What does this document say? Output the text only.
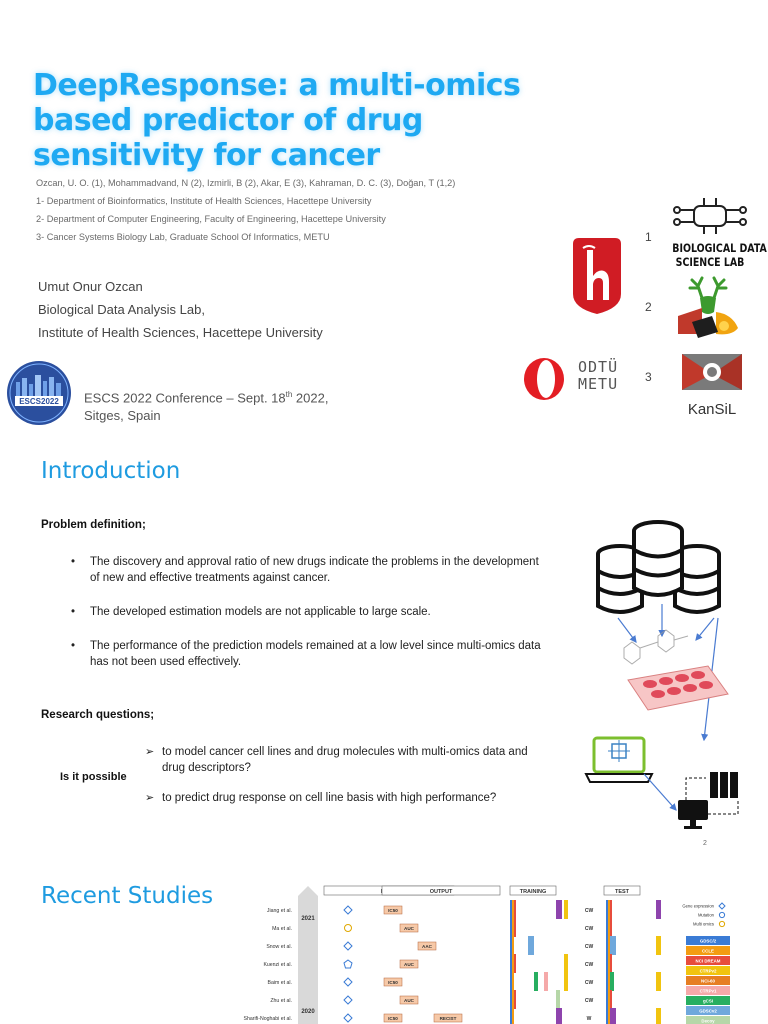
DeepResponse: a multi-omics based predictor of drug sensitivity for cancer
Ozcan, U. O. (1), Mohammadvand, N (2), Izmirli, B (2), Akar, E (3), Kahraman, D. C. (3), Doğan, T (1,2)
1- Department of Bioinformatics, Institute of Health Sciences, Hacettepe University
2- Department of Computer Engineering, Faculty of Engineering, Hacettepe University
3- Cancer Systems Biology Lab, Graduate School Of Informatics, METU
Umut Onur Ozcan
Biological Data Analysis Lab,
Institute of Health Sciences, Hacettepe University
ESCS2022 ESCS 2022 Conference – Sept. 18th 2022,
Sitges, Spain
BIOLOGICAL DATA
SCIENCE LAB
ODTÜ
METU
KanSiL
1
2
3
Introduction
Problem definition;
• The discovery and approval ratio of new drugs indicate the problems in the development of new and effective treatments against cancer.
• The developed estimation models are not applicable to large scale.
• The performance of the prediction models remained at a low level since multi-omics data has not been used effectively.
Research questions;
Is it possible
➢ to model cancer cell lines and drug molecules with multi-omics data and drug descriptors?
➢ to predict drug response on cell line basis with high performance?
2
Recent Studies	OUTPUT	TRAINING	TEST
2021
2020
Jiang et al.	IC50	CW
Ma et al.	AUC	CW
Snow et al.	AAC	CW
Kuenzi et al.	AUC	CW
Baim et al.	IC50	CW
Zhu et al.	AUC	CW
Sharifi-Noghabi et al.	IC50	RECIST	W
Gene expression
Mutation
Multi omics
GDSC/2
CCLE
NCI DREAM
CTRPv2
NCI-60
CTRPv1
gCSI
GDSCv2
Decoy
